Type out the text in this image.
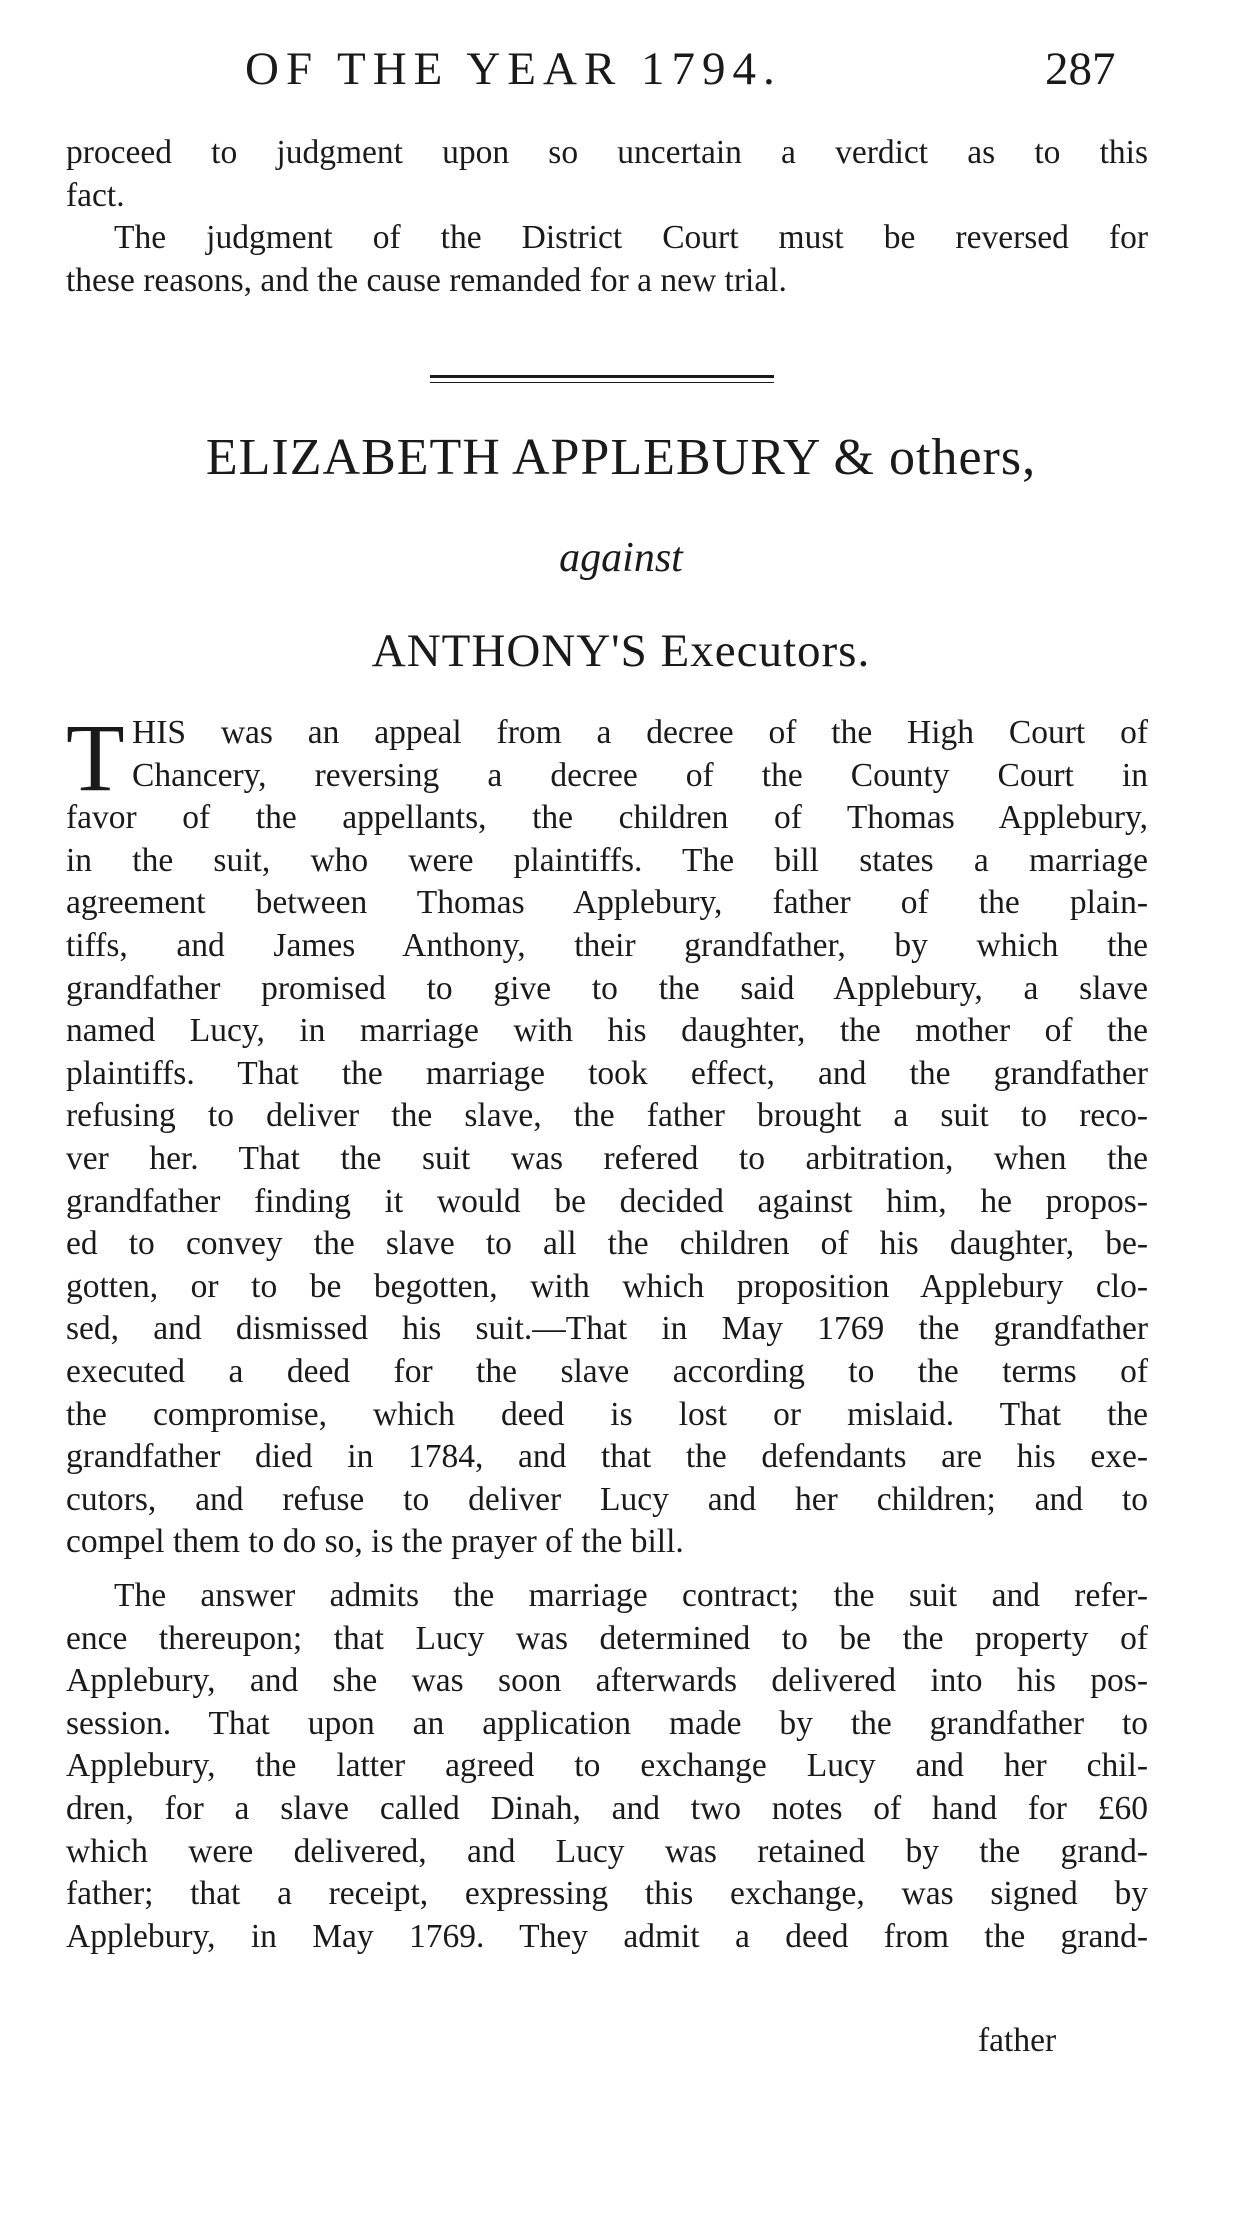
OF THE YEAR 1794.	287
proceed to judgment upon so uncertain a verdict as to this
fact.
The judgment of the District Court must be reversed for
these reasons, and the cause remanded for a new trial.
ELIZABETH APPLEBURY & others,
against
ANTHONY'S Executors.
T HIS was an appeal from a decree of the High Court of
Chancery, reversing a decree of the County Court in
favor of the appellants, the children of Thomas Applebury,
in the suit, who were plaintiffs. The bill states a marriage
agreement between Thomas Applebury, father of the plain-
tiffs, and James Anthony, their grandfather, by which the
grandfather promised to give to the said Applebury, a slave
named Lucy, in marriage with his daughter, the mother of the
plaintiffs. That the marriage took effect, and the grandfather
refusing to deliver the slave, the father brought a suit to reco-
ver her. That the suit was refered to arbitration, when the
grandfather finding it would be decided against him, he propos-
ed to convey the slave to all the children of his daughter, be-
gotten, or to be begotten, with which proposition Applebury clo-
sed, and dismissed his suit.—That in May 1769 the grandfather
executed a deed for the slave according to the terms of
the compromise, which deed is lost or mislaid. That the
grandfather died in 1784, and that the defendants are his exe-
cutors, and refuse to deliver Lucy and her children; and to
compel them to do so, is the prayer of the bill.
The answer admits the marriage contract; the suit and refer-
ence thereupon; that Lucy was determined to be the property of
Applebury, and she was soon afterwards delivered into his pos-
session. That upon an application made by the grandfather to
Applebury, the latter agreed to exchange Lucy and her chil-
dren, for a slave called Dinah, and two notes of hand for £60
which were delivered, and Lucy was retained by the grand-
father; that a receipt, expressing this exchange, was signed by
Applebury, in May 1769. They admit a deed from the grand-
father
